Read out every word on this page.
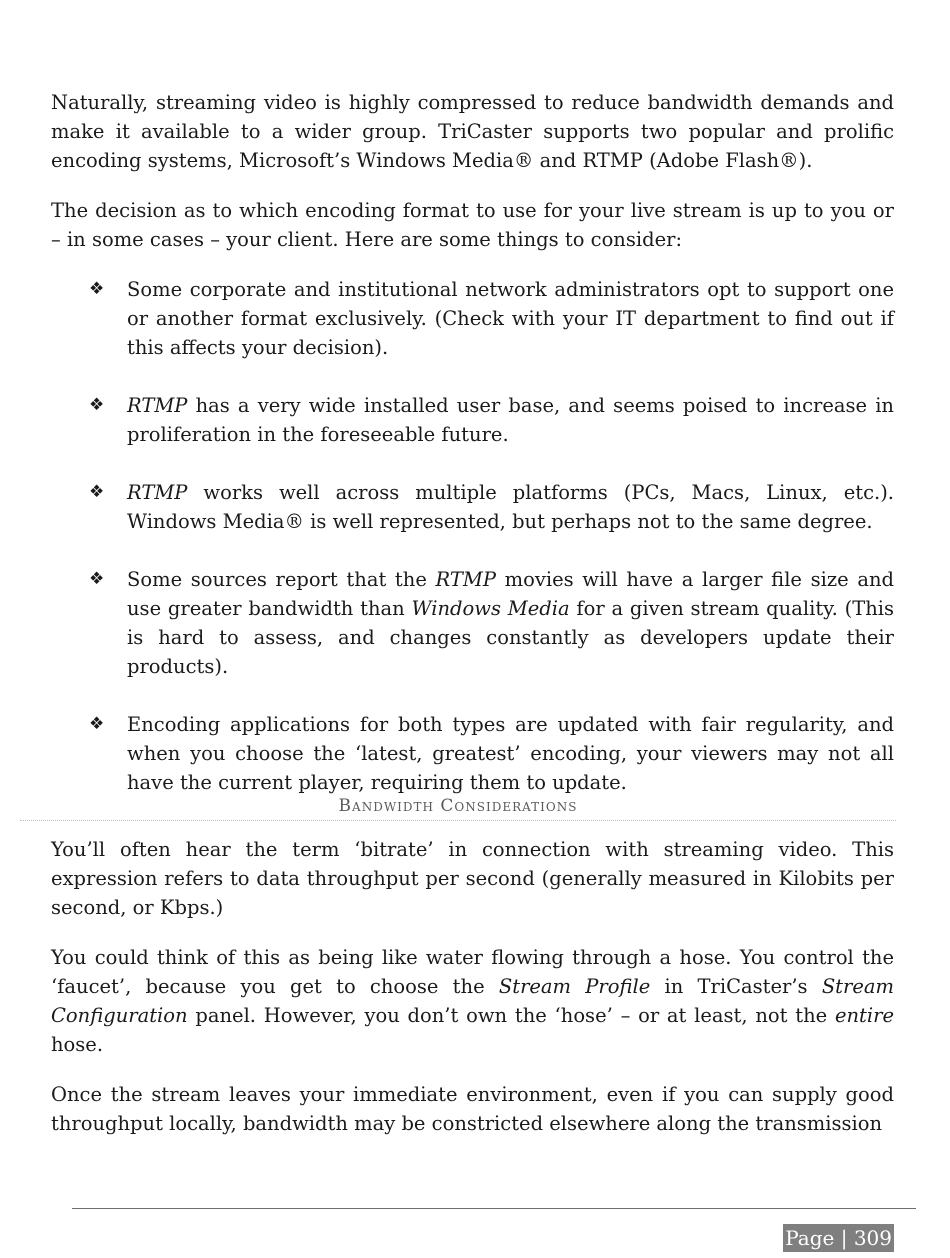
Naturally, streaming video is highly compressed to reduce bandwidth demands and make it available to a wider group. TriCaster supports two popular and prolific encoding systems, Microsoft’s Windows Media® and RTMP (Adobe Flash®).

The decision as to which encoding format to use for your live stream is up to you or – in some cases – your client. Here are some things to consider:

❖ Some corporate and institutional network administrators opt to support one or another format exclusively. (Check with your IT department to find out if this affects your decision).
❖ RTMP has a very wide installed user base, and seems poised to increase in proliferation in the foreseeable future.
❖ RTMP works well across multiple platforms (PCs, Macs, Linux, etc.). Windows Media® is well represented, but perhaps not to the same degree.
❖ Some sources report that the RTMP movies will have a larger file size and use greater bandwidth than Windows Media for a given stream quality. (This is hard to assess, and changes constantly as developers update their products).
❖ Encoding applications for both types are updated with fair regularity, and when you choose the ‘latest, greatest’ encoding, your viewers may not all have the current player, requiring them to update.
Bandwidth Considerations

You’ll often hear the term ‘bitrate’ in connection with streaming video. This expression refers to data throughput per second (generally measured in Kilobits per second, or Kbps.)

You could think of this as being like water flowing through a hose. You control the ‘faucet’, because you get to choose the Stream Profile in TriCaster’s Stream Configuration panel. However, you don’t own the ‘hose’ – or at least, not the entire hose.

Once the stream leaves your immediate environment, even if you can supply good throughput locally, bandwidth may be constricted elsewhere along the transmission

Page | 309
